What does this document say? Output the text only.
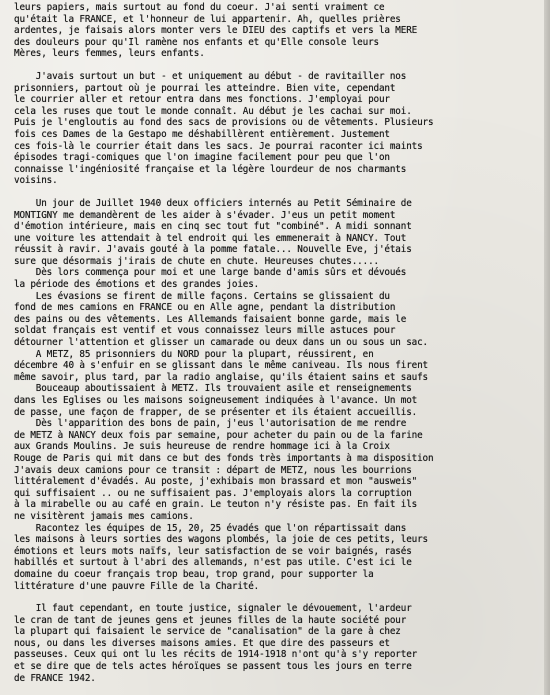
leurs papiers, mais surtout au fond du coeur. J'ai senti vraiment ce
qu'était la FRANCE, et l'honneur de lui appartenir. Ah, quelles prières
ardentes, je faisais alors monter vers le DIEU des captifs et vers la MERE
des douleurs pour qu'Il ramène nos enfants et qu'Elle console leurs
Mères, leurs femmes, leurs enfants.
J'avais surtout un but - et uniquement au début - de ravitailler nos
prisonniers, partout où je pourrai les atteindre. Bien vite, cependant
le courrier aller et retour entra dans mes fonctions. J'employai pour
cela les ruses que tout le monde connaît. Au début je les cachai sur moi.
Puis je l'engloutis au fond des sacs de provisions ou de vêtements. Plusieurs
fois ces Dames de la Gestapo me déshabillèrent entièrement. Justement
ces fois-là le courrier était dans les sacs. Je pourrai raconter ici maints
épisodes tragi-comiques que l'on imagine facilement pour peu que l'on
connaisse l'ingéniosité française et la légère lourdeur de nos charmants
voisins.
Un jour de Juillet 1940 deux officiers internés au Petit Séminaire de
MONTIGNY me demandèrent de les aider à s'évader. J'eus un petit moment
d'émotion intérieure, mais en cinq sec tout fut "combiné". A midi sonnant
une voiture les attendait à tel endroit qui les emmenerait à NANCY. Tout
réussit à ravir. J'avais gouté à la pomme fatale... Nouvelle Eve, j'étais
sure que désormais j'irais de chute en chute. Heureuses chutes.....
Dès lors commença pour moi et une large bande d'amis sûrs et dévoués
la période des émotions et des grandes joies.
Les évasions se firent de mille façons. Certains se glissaient du
fond de mes camions en FRANCE ou en Alle agne, pendant la distribution
des pains ou des vêtements. Les Allemands faisaient bonne garde, mais le
soldat français est ventif et vous connaissez leurs mille astuces pour
détourner l'attention et glisser un camarade ou deux dans un ou sous un sac.
A METZ, 85 prisonniers du NORD pour la plupart, réussirent, en
décembre 40 à s'enfuir en se glissant dans le même caniveau. Ils nous firent
même savoir, plus tard, par la radio anglaise, qu'ils étaient sains et saufs
Bouceaup aboutissaient à METZ. Ils trouvaient asile et renseignements
dans les Eglises ou les maisons soigneusement indiquées à l'avance. Un mot
de passe, une façon de frapper, de se présenter et ils étaient accueillis.
Dès l'apparition des bons de pain, j'eus l'autorisation de me rendre
de METZ à NANCY deux fois par semaine, pour acheter du pain ou de la farine
aux Grands Moulins. Je suis heureuse de rendre hommage ici à la Croix
Rouge de Paris qui mit dans ce but des fonds très importants à ma disposition
J'avais deux camions pour ce transit : départ de METZ, nous les bourrions
littéralement d'évadés. Au poste, j'exhibais mon brassard et mon "ausweis"
qui suffisaient .. ou ne suffisaient pas. J'employais alors la corruption
à la mirabelle ou au café en grain. Le teuton n'y résiste pas. En fait ils
ne visitèrent jamais mes camions.
Racontez les équipes de 15, 20, 25 évadés que l'on répartissait dans
les maisons à leurs sorties des wagons plombés, la joie de ces petits, leurs
émotions et leurs mots naïfs, leur satisfaction de se voir baignés, rasés
habillés et surtout à l'abri des allemands, n'est pas utile. C'est ici le
domaine du coeur français trop beau, trop grand, pour supporter la
littérature d'une pauvre Fille de la Charité.
Il faut cependant, en toute justice, signaler le dévouement, l'ardeur
le cran de tant de jeunes gens et jeunes filles de la haute société pour
la plupart qui faisaient le service de "canalisation" de la gare à chez
nous, ou dans les diverses maisons amies. Et que dire des passeurs et
passeuses. Ceux qui ont lu les récits de 1914-1918 n'ont qu'à s'y reporter
et se dire que de tels actes héroïques se passent tous les jours en terre
de FRANCE 1942.
